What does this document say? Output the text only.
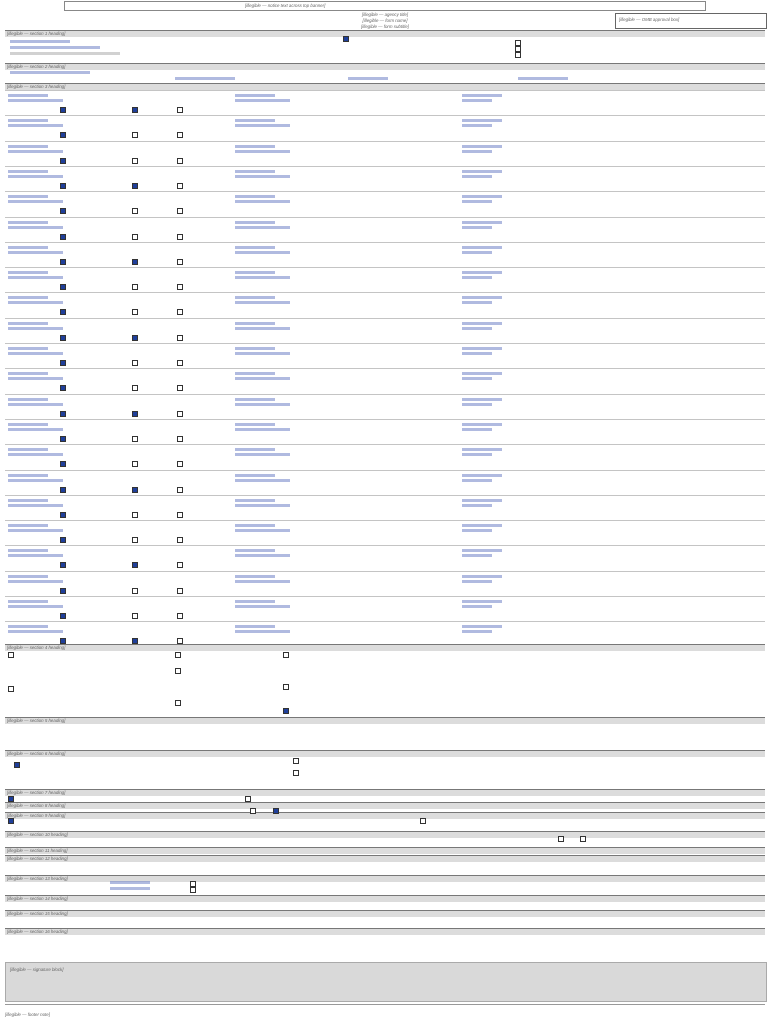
[illegible — notice text across top banner]
[illegible — agency title]
[illegible — form name]
[illegible — form subtitle]
[illegible — OMB approval box]
[illegible — section 1 heading]
[illegible — section 2 heading]
[illegible — section 3 heading]
[illegible — section 4 heading]
[illegible — section 5 heading]
[illegible — section 6 heading]
[illegible — section 7 heading]
[illegible — section 8 heading]
[illegible — section 9 heading]
[illegible — section 10 heading]
[illegible — section 11 heading]
[illegible — section 12 heading]
[illegible — section 13 heading]
[illegible — section 14 heading]
[illegible — section 15 heading]
[illegible — section 16 heading]
[illegible — signature block]
[illegible — footer note]
